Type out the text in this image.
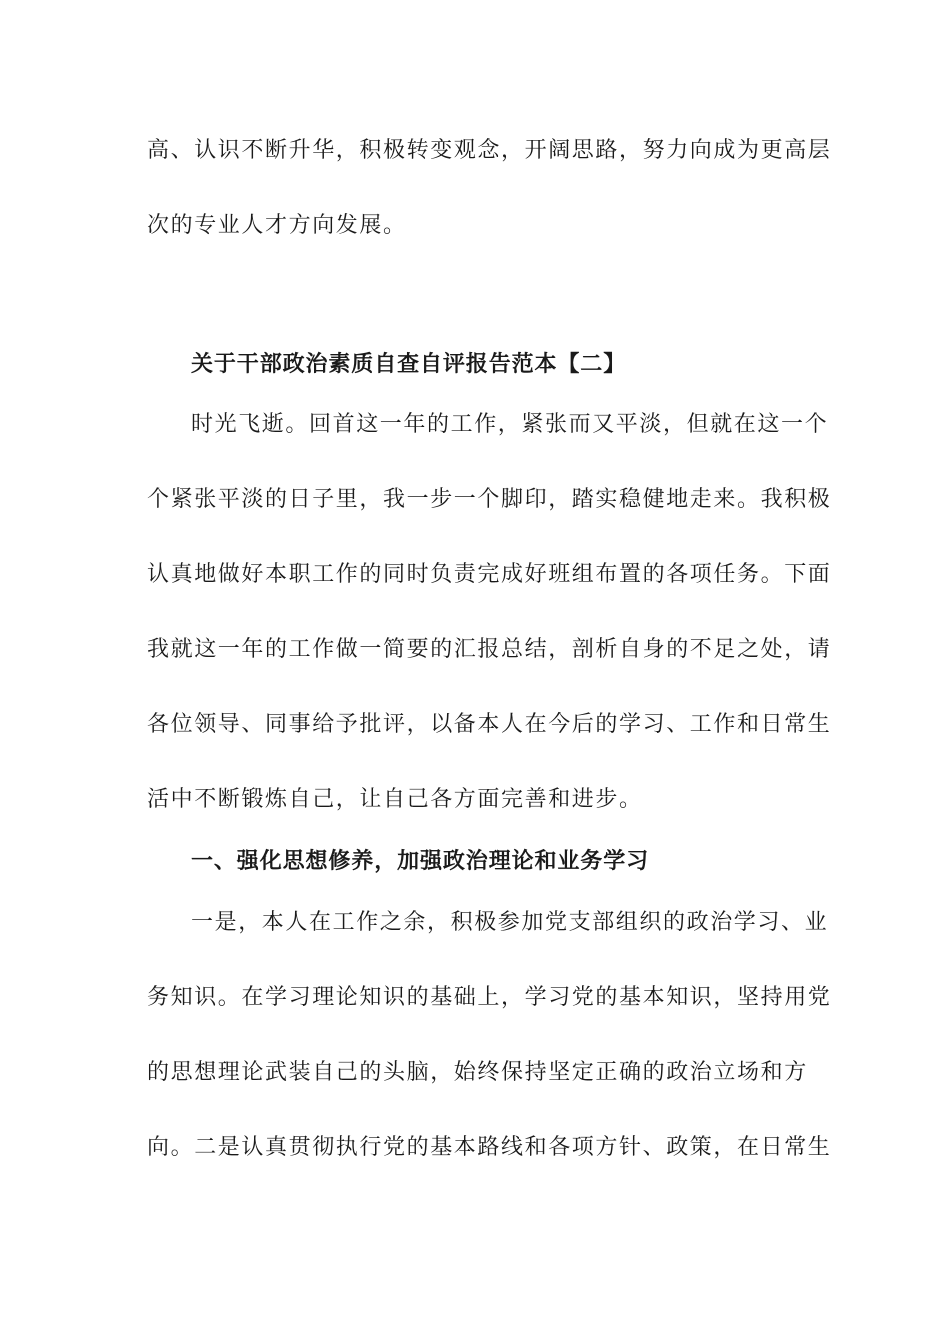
高、认识不断升华，积极转变观念，开阔思路，努力向成为更高层
次的专业人才方向发展。
关于干部政治素质自查自评报告范本【二】
时光飞逝。回首这一年的工作，紧张而又平淡，但就在这一个
个紧张平淡的日子里，我一步一个脚印，踏实稳健地走来。我积极
认真地做好本职工作的同时负责完成好班组布置的各项任务。下面
我就这一年的工作做一简要的汇报总结，剖析自身的不足之处，请
各位领导、同事给予批评，以备本人在今后的学习、工作和日常生
活中不断锻炼自己，让自己各方面完善和进步。
一、强化思想修养，加强政治理论和业务学习
一是，本人在工作之余，积极参加党支部组织的政治学习、业
务知识。在学习理论知识的基础上，学习党的基本知识，坚持用党
的思想理论武装自己的头脑，始终保持坚定正确的政治立场和方
向。二是认真贯彻执行党的基本路线和各项方针、政策，在日常生
